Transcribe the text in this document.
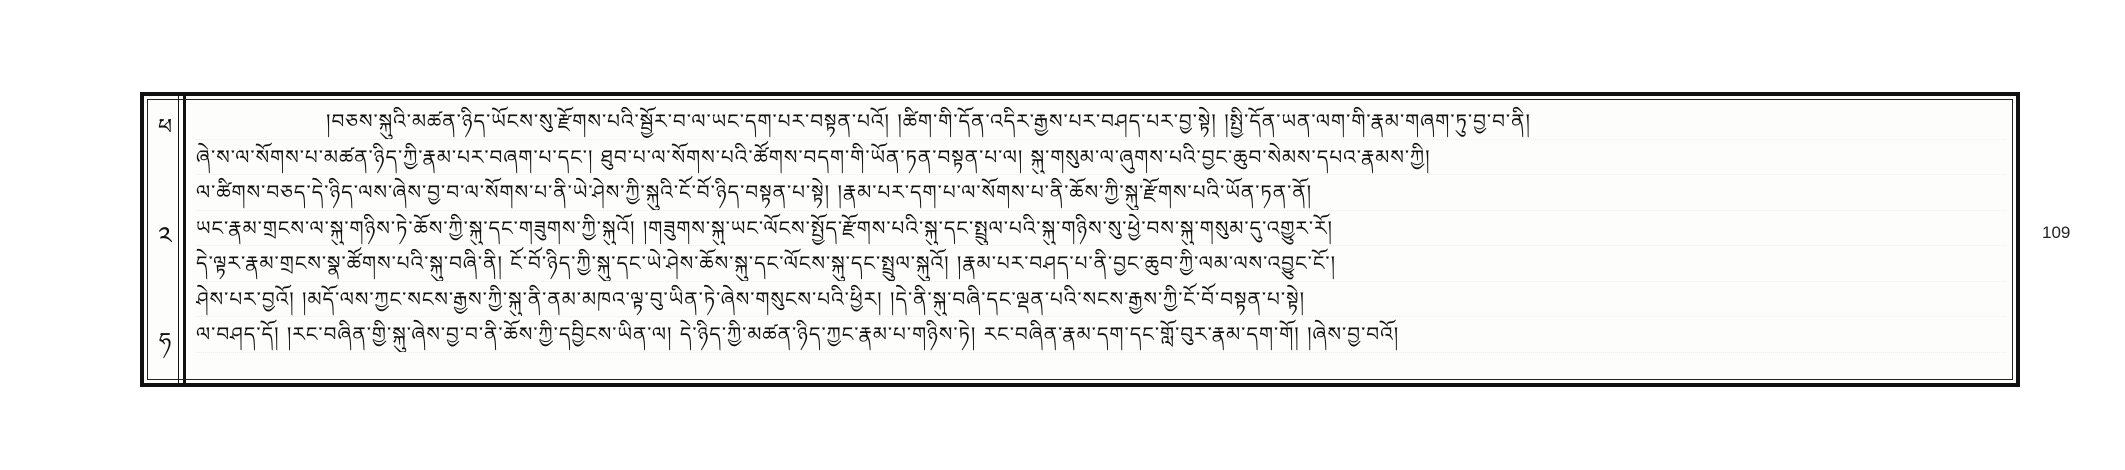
ཕ
༢
ཧ
།བཅས་སྐུའི་མཚན་ཉིད་ཡོངས་སུ་རྫོགས་པའི་སྦྱོར་བ་ལ་ཡང་དག་པར་བསྟན་པའོ། །ཚིག་གི་དོན་འདིར་རྒྱས་པར་བཤད་པར་བྱ་སྟེ། །སྤྱི་དོན་ཡན་ལག་གི་རྣམ་གཞག་ཏུ་བྱ་བ་ནི།
ཞེ་ས་ལ་སོགས་པ་མཚན་ཉིད་ཀྱི་རྣམ་པར་བཞག་པ་དང་། ཐུབ་པ་ལ་སོགས་པའི་ཚོགས་བདག་གི་ཡོན་ཏན་བསྟན་པ་ལ། སྐུ་གསུམ་ལ་ཞུགས་པའི་བྱང་ཆུབ་སེམས་དཔའ་རྣམས་ཀྱི།
ལ་ཚིགས་བཅད་དེ་ཉིད་ལས་ཞེས་བྱ་བ་ལ་སོགས་པ་ནི་ཡེ་ཤེས་ཀྱི་སྐུའི་ངོ་བོ་ཉིད་བསྟན་པ་སྟེ། །རྣམ་པར་དག་པ་ལ་སོགས་པ་ནི་ཆོས་ཀྱི་སྐུ་རྫོགས་པའི་ཡོན་ཏན་ནོ།
ཡང་རྣམ་གྲངས་ལ་སྐུ་གཉིས་ཏེ་ཆོས་ཀྱི་སྐུ་དང་གཟུགས་ཀྱི་སྐུའོ། །གཟུགས་སྐུ་ཡང་ལོངས་སྤྱོད་རྫོགས་པའི་སྐུ་དང་སྤྲུལ་པའི་སྐུ་གཉིས་སུ་ཕྱེ་བས་སྐུ་གསུམ་དུ་འགྱུར་རོ།
དེ་ལྟར་རྣམ་གྲངས་སྣ་ཚོགས་པའི་སྐུ་བཞི་ནི། ངོ་བོ་ཉིད་ཀྱི་སྐུ་དང་ཡེ་ཤེས་ཆོས་སྐུ་དང་ལོངས་སྐུ་དང་སྤྲུལ་སྐུའོ། །རྣམ་པར་བཤད་པ་ནི་བྱང་ཆུབ་ཀྱི་ལམ་ལས་འབྱུང་ངོ་།
ཤེས་པར་བྱའོ། །མདོ་ལས་ཀྱང་སངས་རྒྱས་ཀྱི་སྐུ་ནི་ནམ་མཁའ་ལྟ་བུ་ཡིན་ཏེ་ཞེས་གསུངས་པའི་ཕྱིར། །དེ་ནི་སྐུ་བཞི་དང་ལྡན་པའི་སངས་རྒྱས་ཀྱི་ངོ་བོ་བསྟན་པ་སྟེ།
ལ་བཤད་དོ། །རང་བཞིན་གྱི་སྐུ་ཞེས་བྱ་བ་ནི་ཆོས་ཀྱི་དབྱིངས་ཡིན་ལ། དེ་ཉིད་ཀྱི་མཚན་ཉིད་ཀྱང་རྣམ་པ་གཉིས་ཏེ། རང་བཞིན་རྣམ་དག་དང་གློ་བུར་རྣམ་དག་གོ། །ཞེས་བྱ་བའོ།
109
